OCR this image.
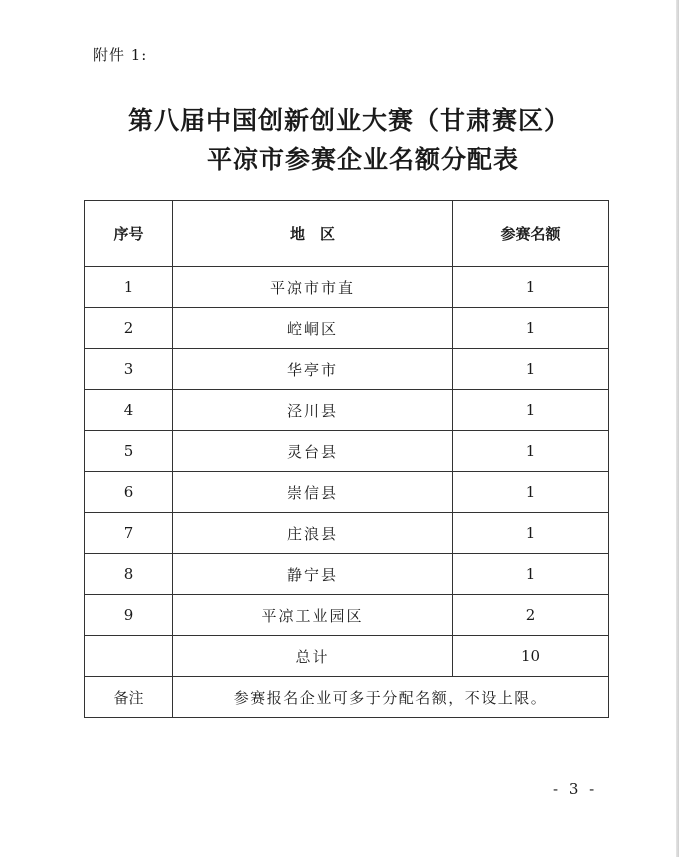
附件 1:
第八届中国创新创业大赛（甘肃赛区）
平凉市参赛企业名额分配表
序号	地　区	参赛名额
1	平凉市市直	1
2	崆峒区	1
3	华亭市	1
4	泾川县	1
5	灵台县	1
6	崇信县	1
7	庄浪县	1
8	静宁县	1
9	平凉工业园区	2
	总计	10
备注	参赛报名企业可多于分配名额，不设上限。	
- 3 -
